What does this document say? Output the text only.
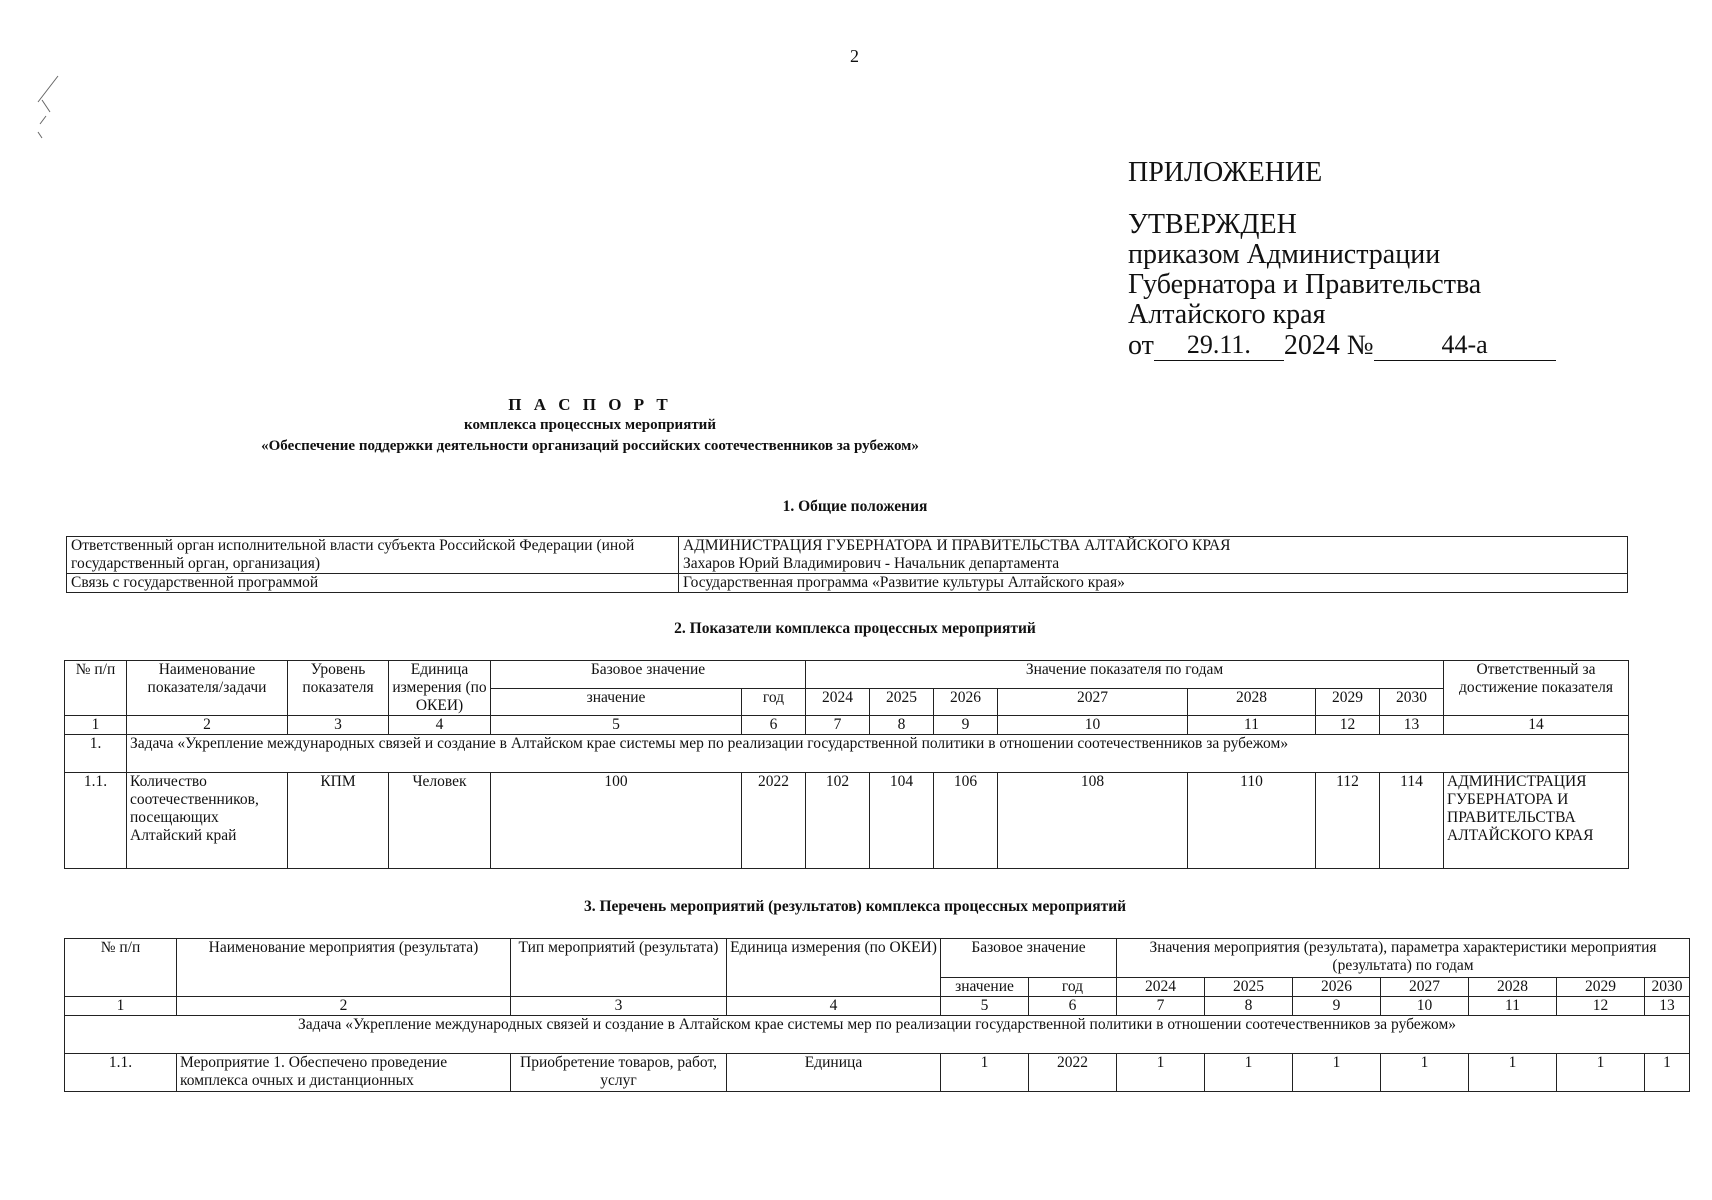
2
ПРИЛОЖЕНИЕ
УТВЕРЖДЕН
приказом Администрации
Губернатора и Правительства
Алтайского края
от	29.11.	2024 №	44-а
П А С П О Р Т
комплекса процессных мероприятий
«Обеспечение поддержки деятельности организаций российских соотечественников за рубежом»
1. Общие положения
Ответственный орган исполнительной власти субъекта Российской Федерации (иной государственный орган, организация)	АДМИНИСТРАЦИЯ ГУБЕРНАТОРА И ПРАВИТЕЛЬСТВА АЛТАЙСКОГО КРАЯ
Захаров Юрий Владимирович - Начальник департамента

Связь с государственной программой	Государственная программа «Развитие культуры Алтайского края»
2. Показатели комплекса процессных мероприятий
№ п/п	Наименование показателя/задачи	Уровень показателя	Единица измерения (по ОКЕИ)	Базовое значение		Значение показателя по годам							Ответственный за достижение показателя
				значение	год	2024	2025	2026	2027	2028	2029	2030	
1	2	3	4	5	6	7	8	9	10	11	12	13	14
1.	Задача «Укрепление международных связей и создание в Алтайском крае системы мер по реализации государственной политики в отношении соотечественников за рубежом»												
1.1.	Количество соотечественников, посещающих Алтайский край	КПМ	Человек	100	2022	102	104	106	108	110	112	114	АДМИНИСТРАЦИЯ ГУБЕРНАТОРА И ПРАВИТЕЛЬСТВА АЛТАЙСКОГО КРАЯ
3. Перечень мероприятий (результатов) комплекса процессных мероприятий
№ п/п	Наименование мероприятия (результата)	Тип мероприятий (результата)	Единица измерения (по ОКЕИ)	Базовое значение		Значения мероприятия (результата), параметра характеристики мероприятия (результата) по годам						
				значение	год	2024	2025	2026	2027	2028	2029	2030
1	2	3	4	5	6	7	8	9	10	11	12	13
Задача «Укрепление международных связей и создание в Алтайском крае системы мер по реализации государственной политики в отношении соотечественников за рубежом»												
1.1.	Мероприятие 1. Обеспечено проведение комплекса очных и дистанционных	Приобретение товаров, работ, услуг	Единица	1	2022	1	1	1	1	1	1	1
